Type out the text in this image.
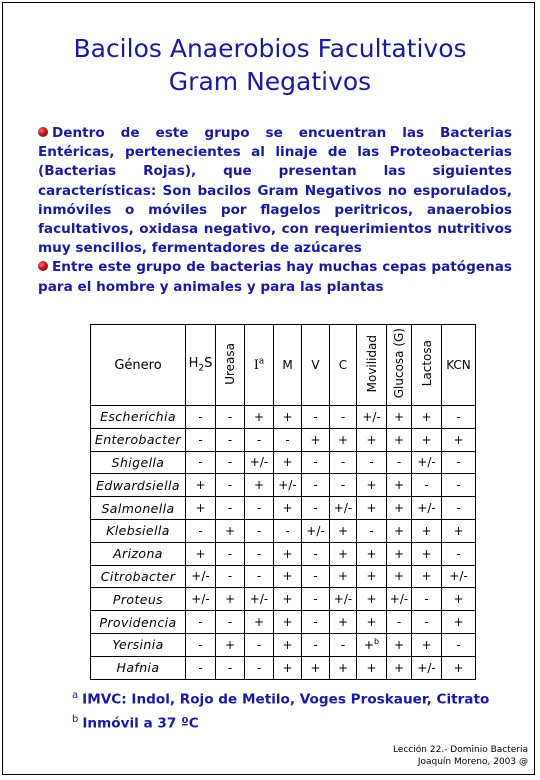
Bacilos Anaerobios Facultativos
Gram Negativos

Dentro de este grupo se encuentran las Bacterias Entéricas, pertenecientes al linaje de las Proteobacterias (Bacterias Rojas), que presentan las siguientes características: Son bacilos Gram Negativos no esporulados, inmóviles o móviles por flagelos peritricos, anaerobios facultativos, oxidasa negativo, con requerimientos nutritivos muy sencillos, fermentadores de azúcares

Entre este grupo de bacterias hay muchas cepas patógenas para el hombre y animales y para las plantas

Género	$H_2S$	Ureasa	$I^a$	M	V	C	Movilidad	Glucosa (G)	Lactosa	KCN
Escherichia	-	-	+	+	-	-	+/-	+	+	-
Enterobacter	-	-	-	-	+	+	+	+	+	+
Shigella	-	-	+/-	+	-	-	-	-	+/-	-
Edwardsiella	+	-	+	+/-	-	-	+	+	-	-
Salmonella	+	-	-	+	-	+/-	+	+	+/-	-
Klebsiella	-	+	-	-	+/-	+	-	+	+	+
Arizona	+	-	-	+	-	+	+	+	+	-
Citrobacter	+/-	-	-	+	-	+	+	+	+	+/-
Proteus	+/-	+	+/-	+	-	+/-	+	+/-	-	+
Providencia	-	-	+	+	-	+	+	-	-	+
Yersinia	-	+	-	+	-	-	+$^b$	+	+	-
Hafnia	-	-	-	+	+	+	+	+	+/-	+
$^a$ IMVC: Indol, Rojo de Metilo, Voges Proskauer, Citrato
$^b$ Inmóvil a 37 ºC
Lección 22.- Dominio Bacteria
Joaquín Moreno, 2003 @
